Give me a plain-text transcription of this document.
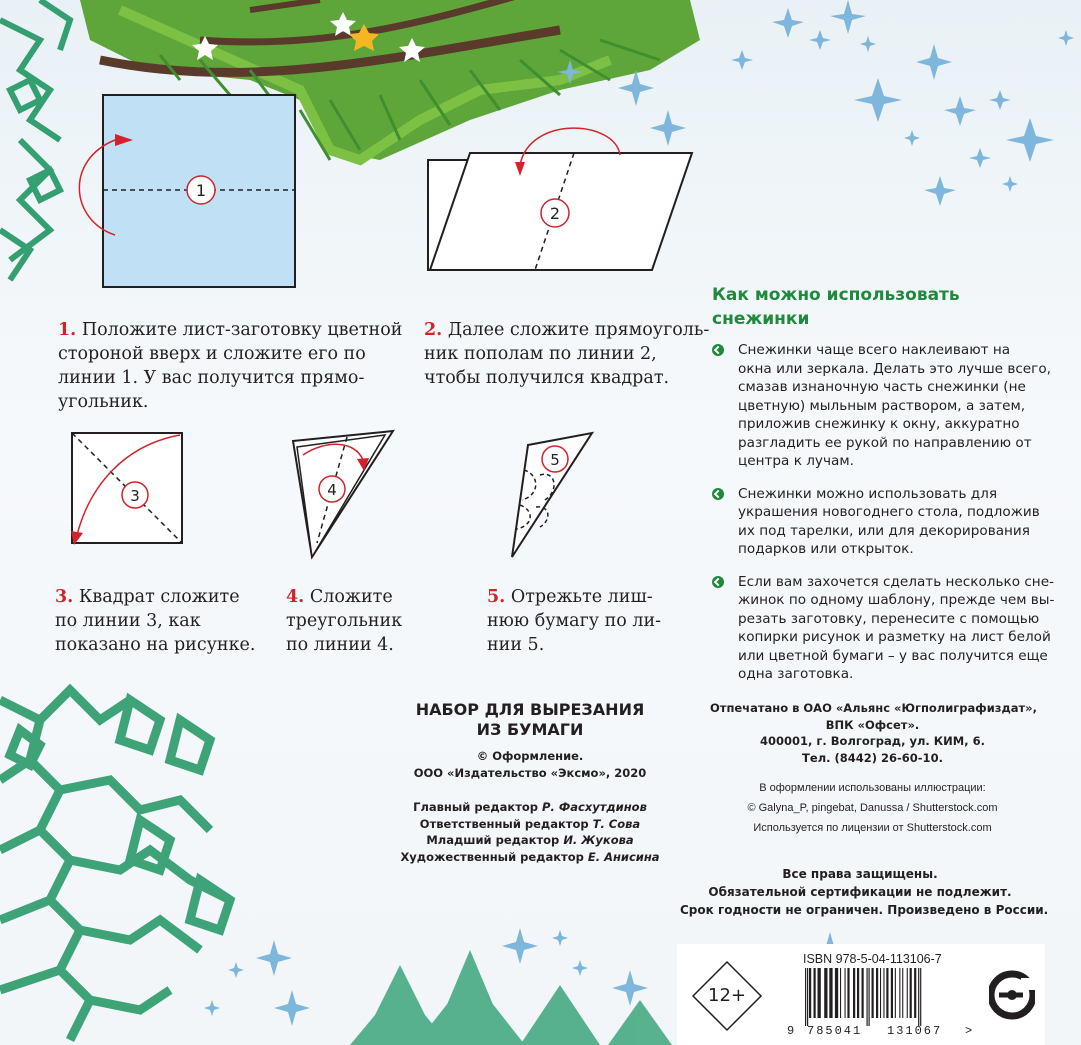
1
2
3	4
5
1. Положите лист-заготовку цветной
стороной вверх и сложите его по
линии 1. У вас получится прямо-
угольник.
2. Далее сложите прямоуголь-
ник пополам по линии 2,
чтобы получился квадрат.
3. Квадрат сложите
по линии 3, как
показано на рисунке.
4. Сложите
треугольник
по линии 4.
5. Отрежьте лиш-
нюю бумагу по ли-
нии 5.
Как можно использовать
снежинки
Снежинки чаще всего наклеивают на
окна или зеркала. Делать это лучше всего,
смазав изнаночную часть снежинки (не
цветную) мыльным раствором, а затем,
приложив снежинку к окну, аккуратно
разгладить ее рукой по направлению от
центра к лучам.
Снежинки можно использовать для
украшения новогоднего стола, подложив
их под тарелки, или для декорирования
подарков или открыток.
Если вам захочется сделать несколько сне-
жинок по одному шаблону, прежде чем вы-
резать заготовку, перенесите с помощью
копирки рисунок и разметку на лист белой
или цветной бумаги – у вас получится еще
одна заготовка.
НАБОР ДЛЯ ВЫРЕЗАНИЯ
ИЗ БУМАГИ
© Оформление.
ООО «Издательство «Эксмо», 2020
Главный редактор Р. Фасхутдинов
Ответственный редактор Т. Сова
Младший редактор И. Жукова
Художественный редактор Е. Анисина
Отпечатано в ОАО «Альянс «Югполиграфиздат»,
ВПК «Офсет».
400001, г. Волгоград, ул. КИМ, 6.
Тел. (8442) 26-60-10.
В оформлении использованы иллюстрации:
© Galyna_P, pingebat, Danussa / Shutterstock.com
Используется по лицензии от Shutterstock.com
Все права защищены.
Обязательной сертификации не подлежит.
Срок годности не ограничен. Произведено в России.
12+
ISBN 978-5-04-113106-7
9 785041 131067 >
